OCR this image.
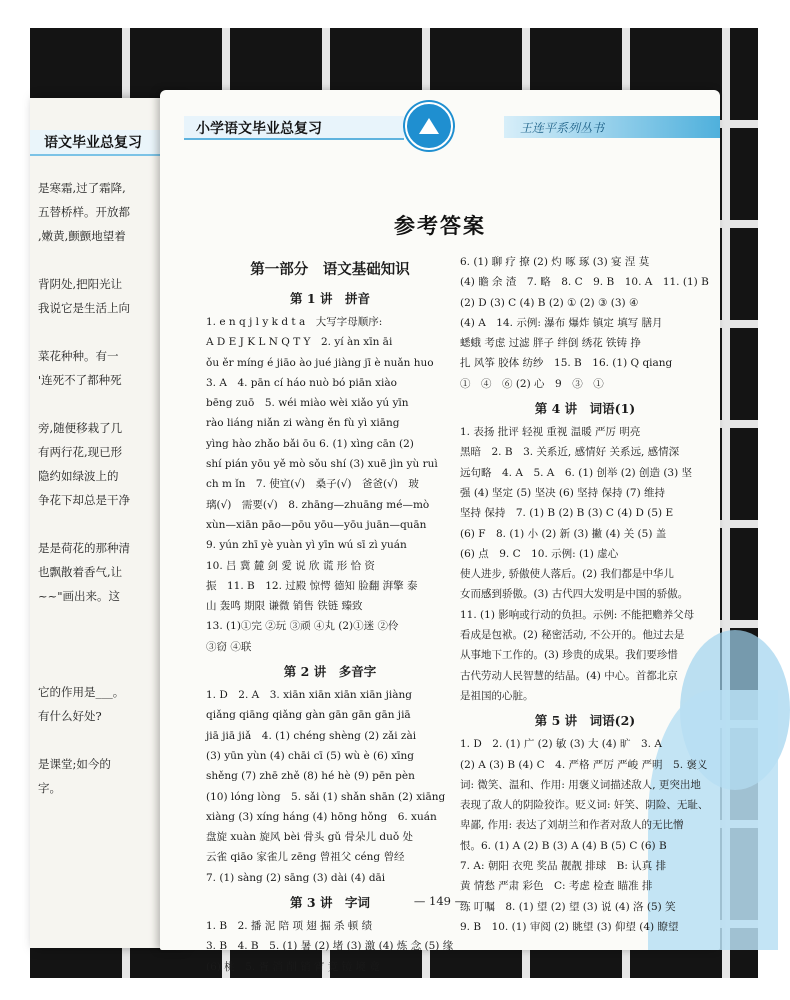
语文毕业总复习
是寒霜,过了霜降,
五替桥样。开放都
,嫩黄,颤颤地望着

背阴处,把阳光让
我说它是生活上向

菜花种种。有一
'连死不了都种死

旁,随便移栽了几
有两行花,现已形
隐约如绿波上的
争花下却总是干净

是是荷花的那种清
也飘散着香气,让
~~"画出来。这

它的作用是___。
有什么好处?

是课堂;如今的
字。
小学语文毕业总复习	王连平系列丛书
参考答案
第一部分　语文基础知识
第 1 讲　拼音
1. e n q j l y k d t a　大写字母顺序:
A D E J K L N Q T Y　2. yí àn xīn āi
ǒu ěr míng é jiāo ào jué jiàng jī è nuǎn huo
3. A　4. pān cí háo nuò bó piān xiào
bēng zuō　5. wéi miào wèi xiǎo yú yīn
rào liáng niǎn zi wàng ěn fù yì xiāng
yìng hào zhǎo bǎi ōu 6. (1) xìng cān (2)
shí pián yōu yě mò sǒu shí (3) xuē jìn yù ruì
ch m ǐn　7. 使宜(√)　桑子(√)　爸爸(√)　玻
璃(√)　需要(√)　8. zhāng—zhuāng mé—mò
xùn—xiān pāo—pōu yōu—yōu juān—quān
9. yún zhī yè yuàn yì yīn wú sī zì yuán
10. 吕 冀 麓 剑 愛 说 欣 谎 形 恰 资
振　11. B　12. 过殿 惊愕 德知 脸翻 湃擎 泰
山 轰鸣 期限 谦微 销售 铁链 臻致
13. (1)①完 ②玩 ③顽 ④丸 (2)①迷 ②伶
③窃 ④联
第 2 讲　多音字
1. D　2. A　3. xiān xiān xiān xiān jiàng
qiǎng qiāng qiǎng gàn gān gān gān jiā
jiā jiā jiǎ　4. (1) chéng shèng (2) zǎi zài
(3) yūn yùn (4) chāi cī (5) wù è (6) xīng
shěng (7) zhē zhě (8) hé hè (9) pēn pèn
(10) lóng lòng　5. sǎi (1) shǎn shān (2) xiāng
xiàng (3) xíng háng (4) hōng hǒng　6. xuán
盘旋 xuàn 旋风 bèi 骨头 gǔ 骨朵儿 duǒ 处
云雀 qiāo 家雀儿 zēng 曾祖父 céng 曾经
7. (1) sàng (2) sāng (3) dài (4) dāi
第 3 讲　字词
1. B　2. 播 泥 陪 项 翅 掘 杀 顿 绩
3. B　4. B　5. (1) 暑 (2) 堵 (3) 激 (4) 炼 念 (5) 缘
(6) 桃　5. 胥 消 削 销 宵 竞 镜 境 竟
6. (1) 聊 疗 撩 (2) 灼 啄 琢 (3) 宴 涅 莫
(4) 瞻 余 渣　7. 略　8. C　9. B　10. A　11. (1) B
(2) D (3) C (4) B (2) ① (2) ③ (3) ④
(4) A　14. 示例: 瀑布 爆炸 镇定 填写 膳月
蟋蛾 考虑 过滤 胖子 绊倒 绣花 铁铸 挣
扎 风筝 胶体 纺纱　15. B　16. (1) Q qiang
①　④　⑥ (2) 心　9　③　①
第 4 讲　词语(1)
1. 表扬 批评 轻视 重视 温暖 严厉 明亮
黑暗　2. B　3. 关系近, 感情好 关系远, 感情深
远句略　4. A　5. A　6. (1) 创举 (2) 创造 (3) 坚
强 (4) 坚定 (5) 坚决 (6) 坚持 保持 (7) 维持
坚持 保持　7. (1) B (2) B (3) C (4) D (5) E
(6) F　8. (1) 小 (2) 新 (3) 撇 (4) 关 (5) 盖
(6) 点　9. C　10. 示例: (1) 虚心
使人进步, 骄傲使人落后。(2) 我们都是中华儿
女而感到骄傲。(3) 古代四大发明是中国的骄傲。
11. (1) 影响或行动的负担。示例: 不能把赡养父母
看成是包袱。(2) 秘密活动, 不公开的。他过去是
从事地下工作的。(3) 珍贵的成果。我们要珍惜
古代劳动人民智慧的结晶。(4) 中心。首都北京
是祖国的心脏。
第 5 讲　词语(2)
1. D　2. (1) 广 (2) 敏 (3) 大 (4) 旷　3. A
(2) A (3) B (4) C　4. 严格 严厉 严峻 严明　5. 褒义
词: 微笑、温和、作用: 用褒义词描述敌人, 更突出地
表现了敌人的阴险狡诈。贬义词: 奸笑、阴险、无耻、
卑鄙, 作用: 表达了刘胡兰和作者对敌人的无比憎
恨。6. (1) A (2) B (3) A (4) B (5) C (6) B
7. A: 朝阳 衣兜 奖品 靓靓 排球　B: 认真 排
黄 情愁 严肃 彩色　C: 考虑 检查 瞄准 排
练 叮嘱　8. (1) 望 (2) 望 (3) 说 (4) 洛 (5) 笑
9. B　10. (1) 审阅 (2) 眺望 (3) 仰望 (4) 瞭望
— 149 —
